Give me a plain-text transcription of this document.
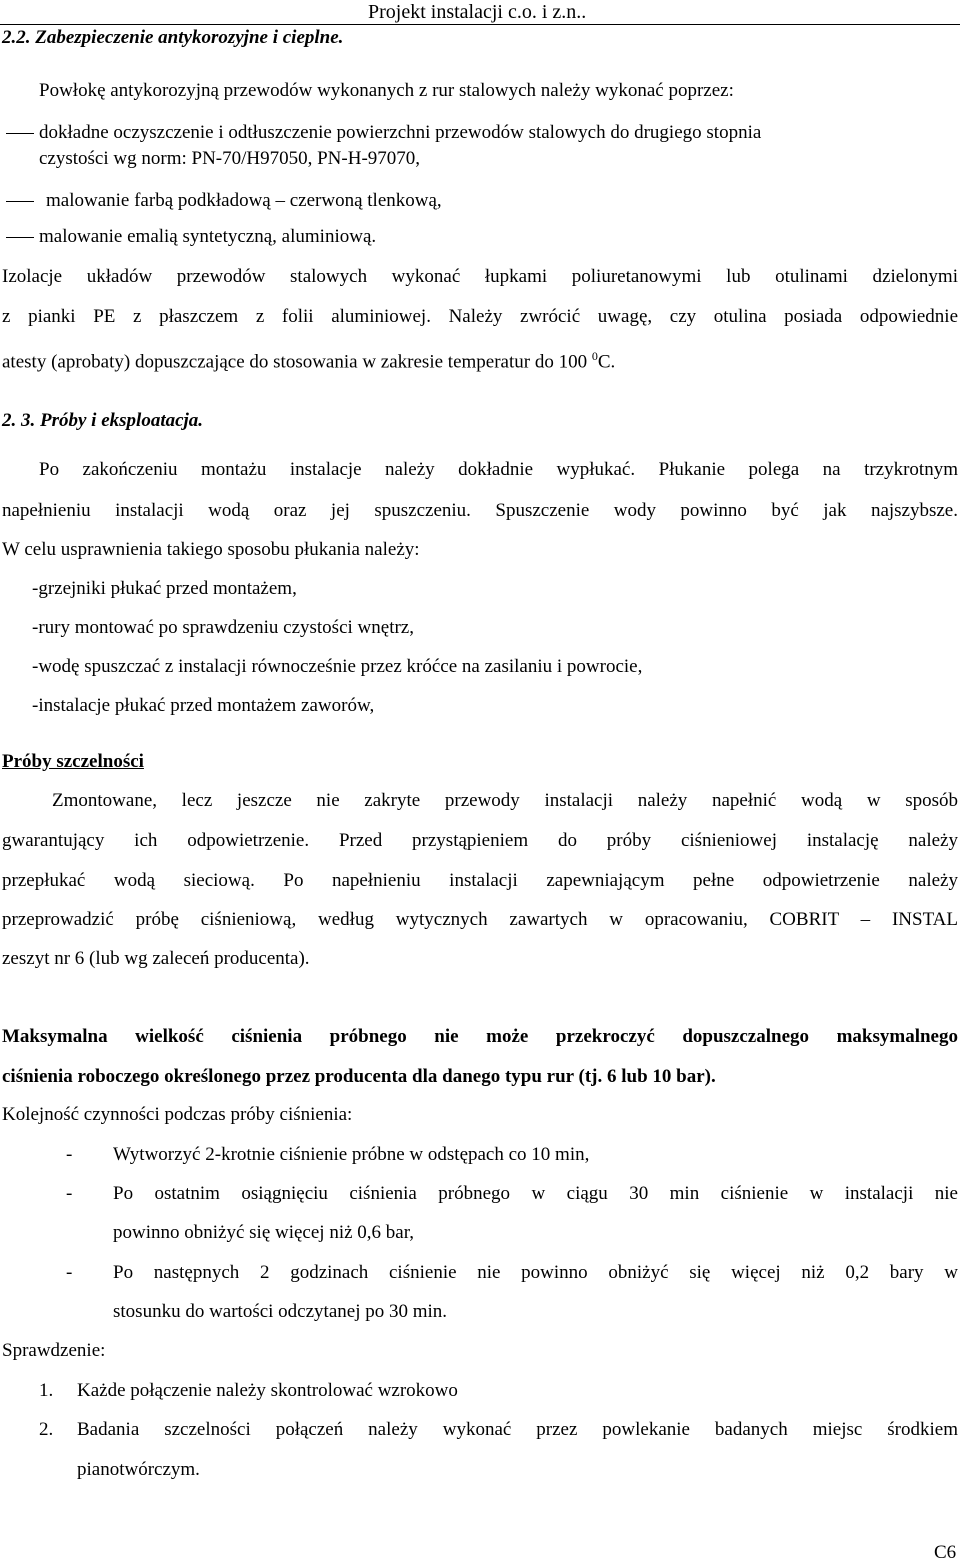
Projekt instalacji c.o. i z.n..
2.2. Zabezpieczenie antykorozyjne i cieplne.
Powłokę antykorozyjną przewodów wykonanych z rur stalowych należy wykonać poprzez:
dokładne oczyszczenie i odtłuszczenie powierzchni przewodów stalowych do drugiego stopnia
czystości wg norm: PN-70/H97050, PN-H-97070,
malowanie farbą podkładową – czerwoną tlenkową,
malowanie emalią syntetyczną, aluminiową.
Izolacje układów przewodów stalowych wykonać łupkami poliuretanowymi lub otulinami dzielonymi
z pianki PE z płaszczem z folii aluminiowej. Należy zwrócić uwagę, czy otulina posiada odpowiednie
atesty (aprobaty) dopuszczające do stosowania w zakresie temperatur do 100 $^0$C.
2. 3. Próby i eksploatacja.
Po zakończeniu montażu instalacje należy dokładnie wypłukać. Płukanie polega na trzykrotnym
napełnieniu instalacji wodą oraz jej spuszczeniu. Spuszczenie wody powinno być jak najszybsze.
W celu usprawnienia takiego sposobu płukania należy:
-grzejniki płukać przed montażem,
-rury montować po sprawdzeniu czystości wnętrz,
-wodę spuszczać z instalacji równocześnie przez króćce na zasilaniu i powrocie,
-instalacje płukać przed montażem zaworów,
Próby szczelności
Zmontowane, lecz jeszcze nie zakryte przewody instalacji należy napełnić wodą w sposób
gwarantujący ich odpowietrzenie. Przed przystąpieniem do próby ciśnieniowej instalację należy
przepłukać wodą sieciową. Po napełnieniu instalacji zapewniającym pełne odpowietrzenie należy
przeprowadzić próbę ciśnieniową, według wytycznych zawartych w opracowaniu, COBRIT – INSTAL
zeszyt nr 6 (lub wg zaleceń producenta).
Maksymalna wielkość ciśnienia próbnego nie może przekroczyć dopuszczalnego maksymalnego
ciśnienia roboczego określonego przez producenta dla danego typu rur (tj. 6 lub 10 bar).
Kolejność czynności podczas próby ciśnienia:
- Wytworzyć 2-krotnie ciśnienie próbne w odstępach co 10 min,
- Po ostatnim osiągnięciu ciśnienia próbnego w ciągu 30 min ciśnienie w instalacji nie
powinno obniżyć się więcej niż 0,6 bar,
- Po następnych 2 godzinach ciśnienie nie powinno obniżyć się więcej niż 0,2 bary w
stosunku do wartości odczytanej po 30 min.
Sprawdzenie:
1. Każde połączenie należy skontrolować wzrokowo
2. Badania szczelności połączeń należy wykonać przez powlekanie badanych miejsc środkiem
pianotwórczym.
C6
